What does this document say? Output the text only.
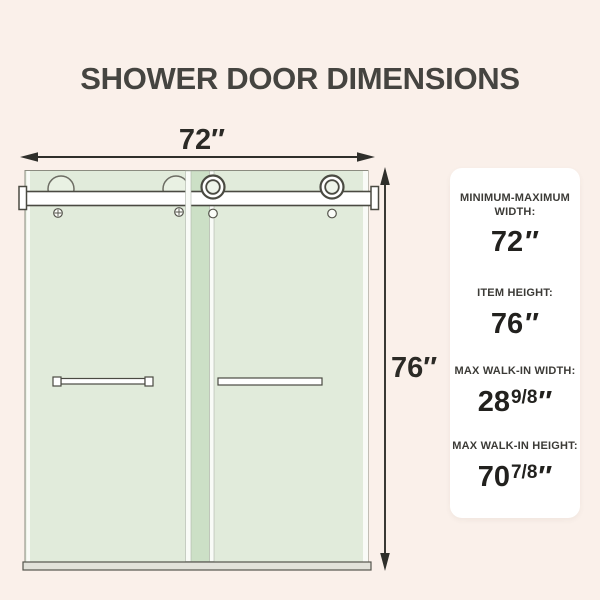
SHOWER DOOR DIMENSIONS
72″
76″
MINIMUM-MAXIMUM
WIDTH:
72″
ITEM HEIGHT:
76″
MAX WALK-IN WIDTH:
$28^{9/8}''$
MAX WALK-IN HEIGHT:
$70^{7/8}''$
